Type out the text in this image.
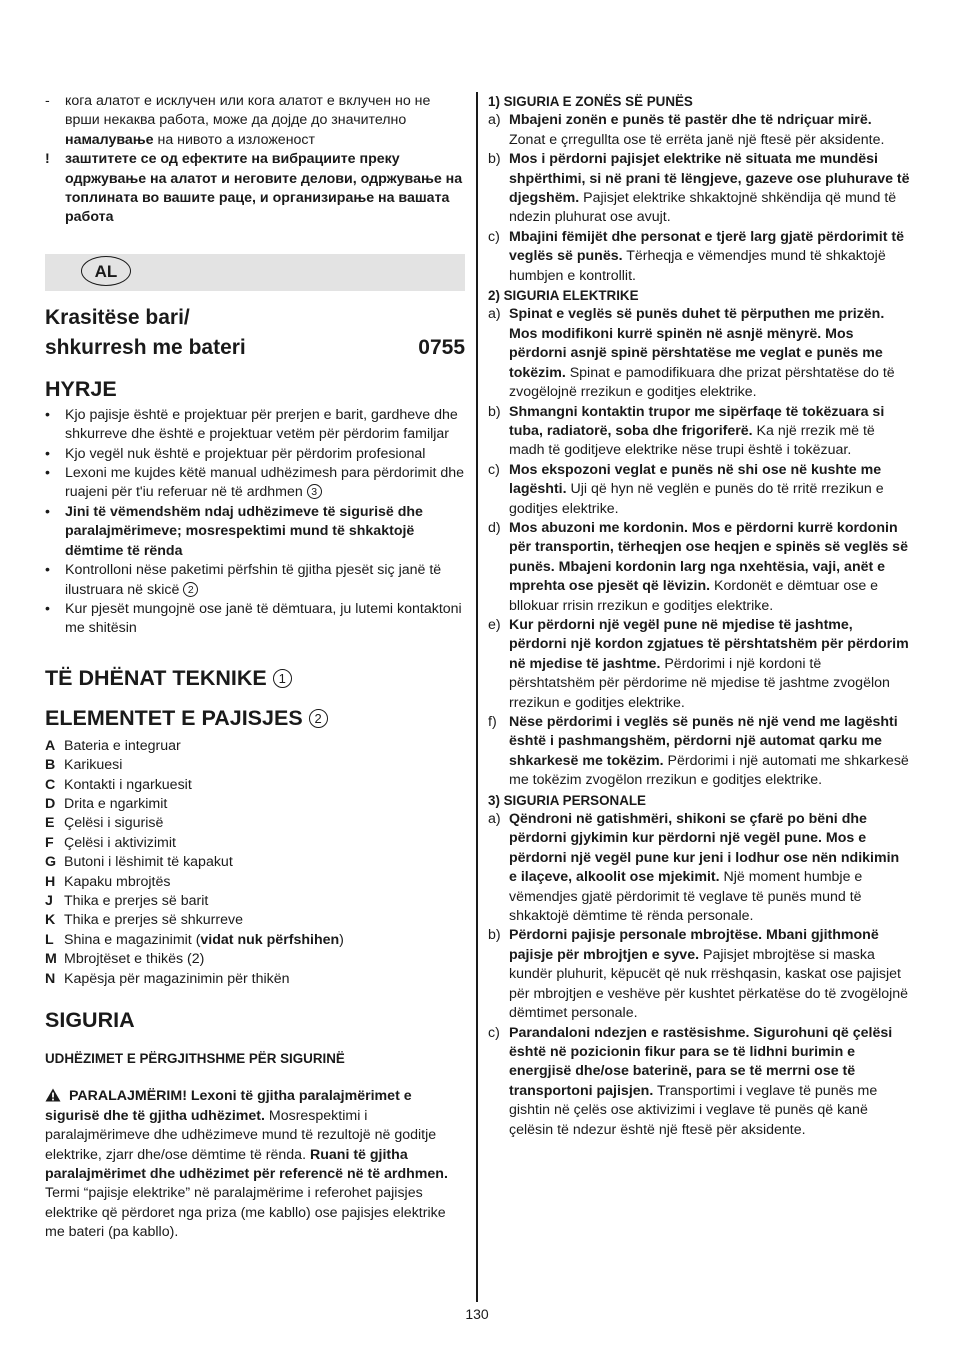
-	кога алатот е исклучен или кога алатот е вклучен но не врши некаква работа, може да дојде до значително намалување на нивото а изложеност
!	заштитете се од ефектите на вибрациите преку одржување на алатот и неговите делови, одржување на топлината во вашите раце, и организирање на вашата работа
AL
Krasitëse bari/
shkurresh me bateri	0755
HYRJE
•	Kjo pajisje është e projektuar për prerjen e barit, gardheve dhe shkurreve dhe është e projektuar vetëm për përdorim familjar
•	Kjo vegël nuk është e projektuar për përdorim profesional
•	Lexoni me kujdes këtë manual udhëzimesh para përdorimit dhe ruajeni për t'iu referuar në të ardhmen 3
•	Jini të vëmendshëm ndaj udhëzimeve të sigurisë dhe paralajmërimeve; mosrespektimi mund të shkaktojë dëmtime të rënda
•	Kontrolloni nëse paketimi përfshin të gjitha pjesët siç janë të ilustruara në skicë 2
•	Kur pjesët mungojnë ose janë të dëmtuara, ju lutemi kontaktoni me shitësin
TË DHËNAT TEKNIKE 1
ELEMENTET E PAJISJES 2
A Bateria e integruar
B Karikuesi
C Kontakti i ngarkuesit
D Drita e ngarkimit
E Çelësi i sigurisë
F Çelësi i aktivizimit
G Butoni i lëshimit të kapakut
H Kapaku mbrojtës
J Thika e prerjes së barit
K Thika e prerjes së shkurreve
L Shina e magazinimit (vidat nuk përfshihen)
M Mbrojtëset e thikës (2)
N Kapësja për magazinimin për thikën
SIGURIA
UDHËZIMET E PËRGJITHSHME PËR SIGURINË
PARALAJMËRIM! Lexoni të gjitha paralajmërimet e sigurisë dhe të gjitha udhëzimet. Mosrespektimi i paralajmërimeve dhe udhëzimeve mund të rezultojë në goditje elektrike, zjarr dhe/ose dëmtime të rënda. Ruani të gjitha paralajmërimet dhe udhëzimet për referencë në të ardhmen. Termi “pajisje elektrike” në paralajmërime i referohet pajisjes elektrike që përdoret nga priza (me kabllo) ose pajisjes elektrike me bateri (pa kabllo).
1) SIGURIA E ZONËS SË PUNËS
a) Mbajeni zonën e punës të pastër dhe të ndriçuar mirë. Zonat e çrregullta ose të errëta janë një ftesë për aksidente.
b) Mos i përdorni pajisjet elektrike në situata me mundësi shpërthimi, si në prani të lëngjeve, gazeve ose pluhurave të djegshëm. Pajisjet elektrike shkaktojnë shkëndija që mund të ndezin pluhurat ose avujt.
c) Mbajini fëmijët dhe personat e tjerë larg gjatë përdorimit të veglës së punës. Tërheqja e vëmendjes mund të shkaktojë humbjen e kontrollit.
2) SIGURIA ELEKTRIKE
a) Spinat e veglës së punës duhet të përputhen me prizën. Mos modifikoni kurrë spinën në asnjë mënyrë. Mos përdorni asnjë spinë përshtatëse me veglat e punës me tokëzim. Spinat e pamodifikuara dhe prizat përshtatëse do të zvogëlojnë rrezikun e goditjes elektrike.
b) Shmangni kontaktin trupor me sipërfaqe të tokëzuara si tuba, radiatorë, soba dhe frigoriferë. Ka një rrezik më të madh të goditjeve elektrike nëse trupi është i tokëzuar.
c) Mos ekspozoni veglat e punës në shi ose në kushte me lagështi. Uji që hyn në veglën e punës do të rritë rrezikun e goditjes elektrike.
d) Mos abuzoni me kordonin. Mos e përdorni kurrë kordonin për transportin, tërheqjen ose heqjen e spinës së veglës së punës. Mbajeni kordonin larg nga nxehtësia, vaji, anët e mprehta ose pjesët që lëvizin. Kordonët e dëmtuar ose e bllokuar rrisin rrezikun e goditjes elektrike.
e) Kur përdorni një vegël pune në mjedise të jashtme, përdorni një kordon zgjatues të përshtatshëm për përdorim në mjedise të jashtme. Përdorimi i një kordoni të përshtatshëm për përdorime në mjedise të jashtme zvogëlon rrezikun e goditjes elektrike.
f) Nëse përdorimi i veglës së punës në një vend me lagështi është i pashmangshëm, përdorni një automat qarku me shkarkesë me tokëzim. Përdorimi i një automati me shkarkesë me tokëzim zvogëlon rrezikun e goditjes elektrike.
3) SIGURIA PERSONALE
a) Qëndroni në gatishmëri, shikoni se çfarë po bëni dhe përdorni gjykimin kur përdorni një vegël pune. Mos e përdorni një vegël pune kur jeni i lodhur ose nën ndikimin e ilaçeve, alkoolit ose mjekimit. Një moment humbje e vëmendjes gjatë përdorimit të veglave të punës mund të shkaktojë dëmtime të rënda personale.
b) Përdorni pajisje personale mbrojtëse. Mbani gjithmonë pajisje për mbrojtjen e syve. Pajisjet mbrojtëse si maska kundër pluhurit, këpucët që nuk rrëshqasin, kaskat ose pajisjet për mbrojtjen e veshëve për kushtet përkatëse do të zvogëlojnë dëmtimet personale.
c) Parandaloni ndezjen e rastësishme. Sigurohuni që çelësi është në pozicionin fikur para se të lidhni burimin e energjisë dhe/ose baterinë, para se të merrni ose të transportoni pajisjen. Transportimi i veglave të punës me gishtin në çelës ose aktivizimi i veglave të punës që kanë çelësin të ndezur është një ftesë për aksidente.
130
